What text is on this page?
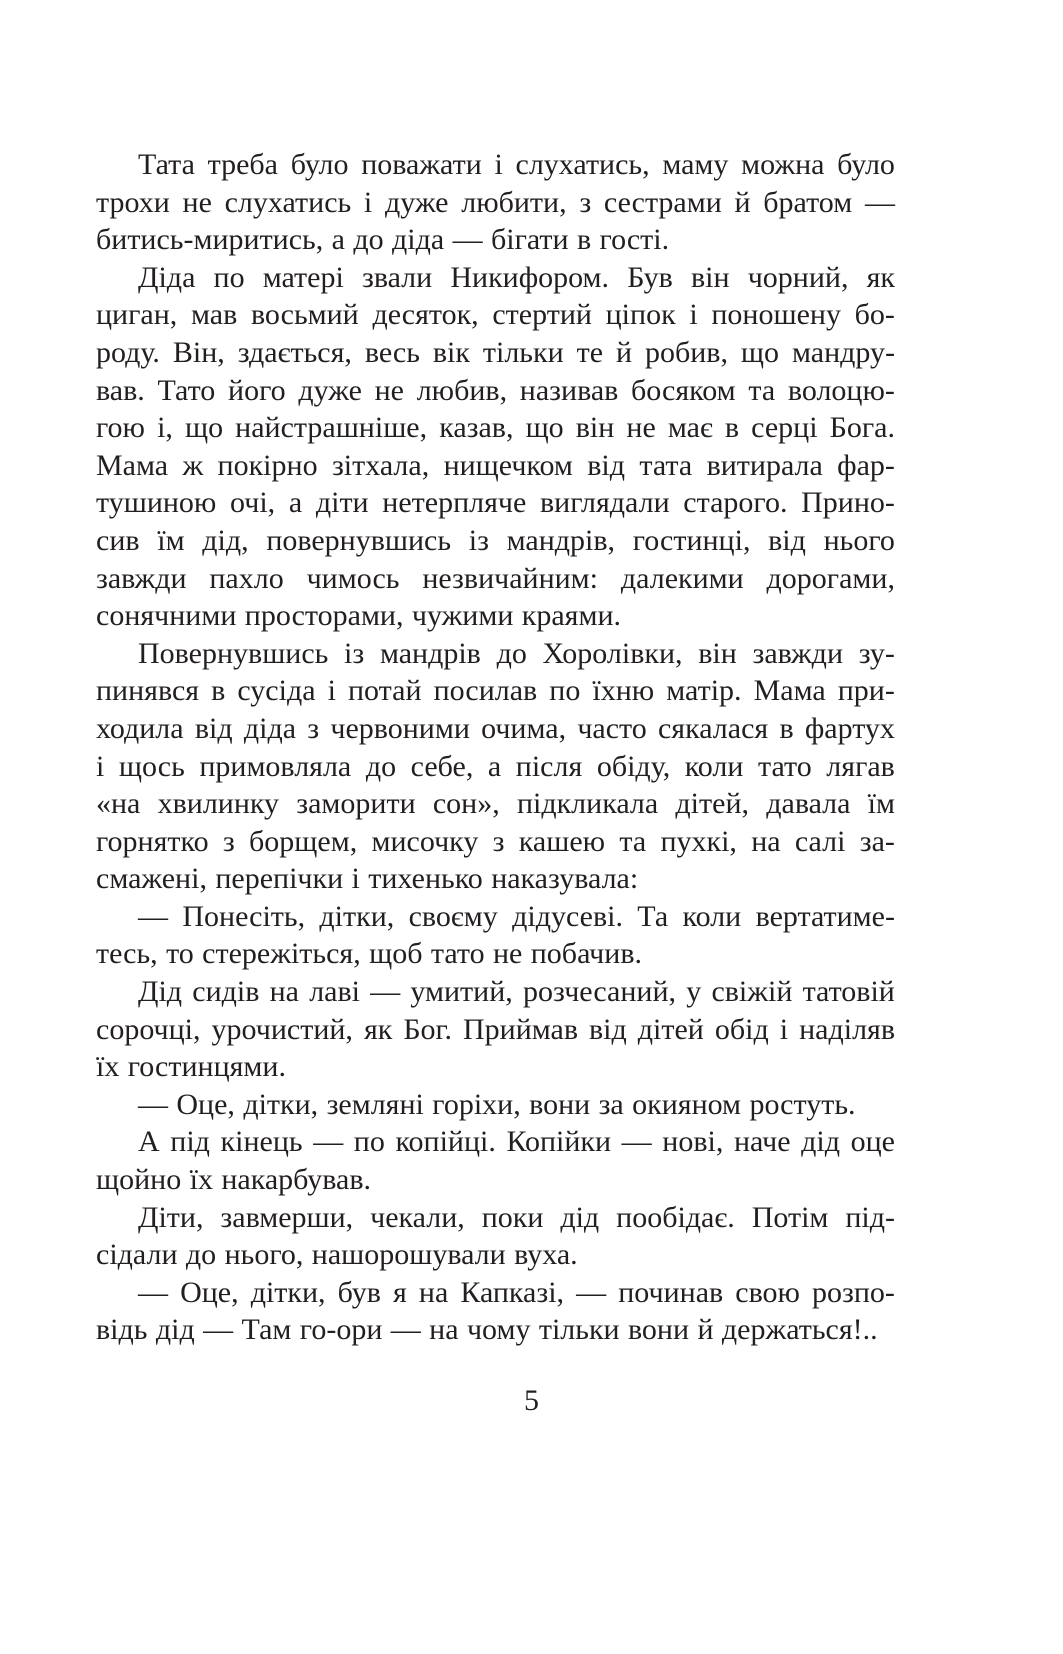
Тата треба було поважати і слухатись, маму можна було
трохи не слухатись і дуже любити, з сестрами й братом —
битись-миритись, а до діда — бігати в гості.
Діда по матері звали Никифором. Був він чорний, як
циган, мав восьмий десяток, стертий ціпок і поношену бо-
роду. Він, здається, весь вік тільки те й робив, що мандру-
вав. Тато його дуже не любив, називав босяком та волоцю-
гою і, що найстрашніше, казав, що він не має в серці Бога.
Мама ж покірно зітхала, нищечком від тата витирала фар-
тушиною очі, а діти нетерпляче виглядали старого. Прино-
сив їм дід, повернувшись із мандрів, гостинці, від нього
завжди пахло чимось незвичайним: далекими дорогами,
сонячними просторами, чужими краями.
Повернувшись із мандрів до Хоролівки, він завжди зу-
пинявся в сусіда і потай посилав по їхню матір. Мама при-
ходила від діда з червоними очима, часто сякалася в фартух
і щось примовляла до себе, а після обіду, коли тато лягав
«на хвилинку заморити сон», підкликала дітей, давала їм
горнятко з борщем, мисочку з кашею та пухкі, на салі за-
смажені, перепічки і тихенько наказувала:
— Понесіть, дітки, своєму дідусеві. Та коли вертатиме-
тесь, то стережіться, щоб тато не побачив.
Дід сидів на лаві — умитий, розчесаний, у свіжій татовій
сорочці, урочистий, як Бог. Приймав від дітей обід і наділяв
їх гостинцями.
— Оце, дітки, земляні горіхи, вони за окияном ростуть.
А під кінець — по копійці. Копійки — нові, наче дід оце
щойно їх накарбував.
Діти, завмерши, чекали, поки дід пообідає. Потім під-
сідали до нього, нашорошували вуха.
— Оце, дітки, був я на Капказі, — починав свою розпо-
відь дід — Там го-ори — на чому тільки вони й держаться!..
5
